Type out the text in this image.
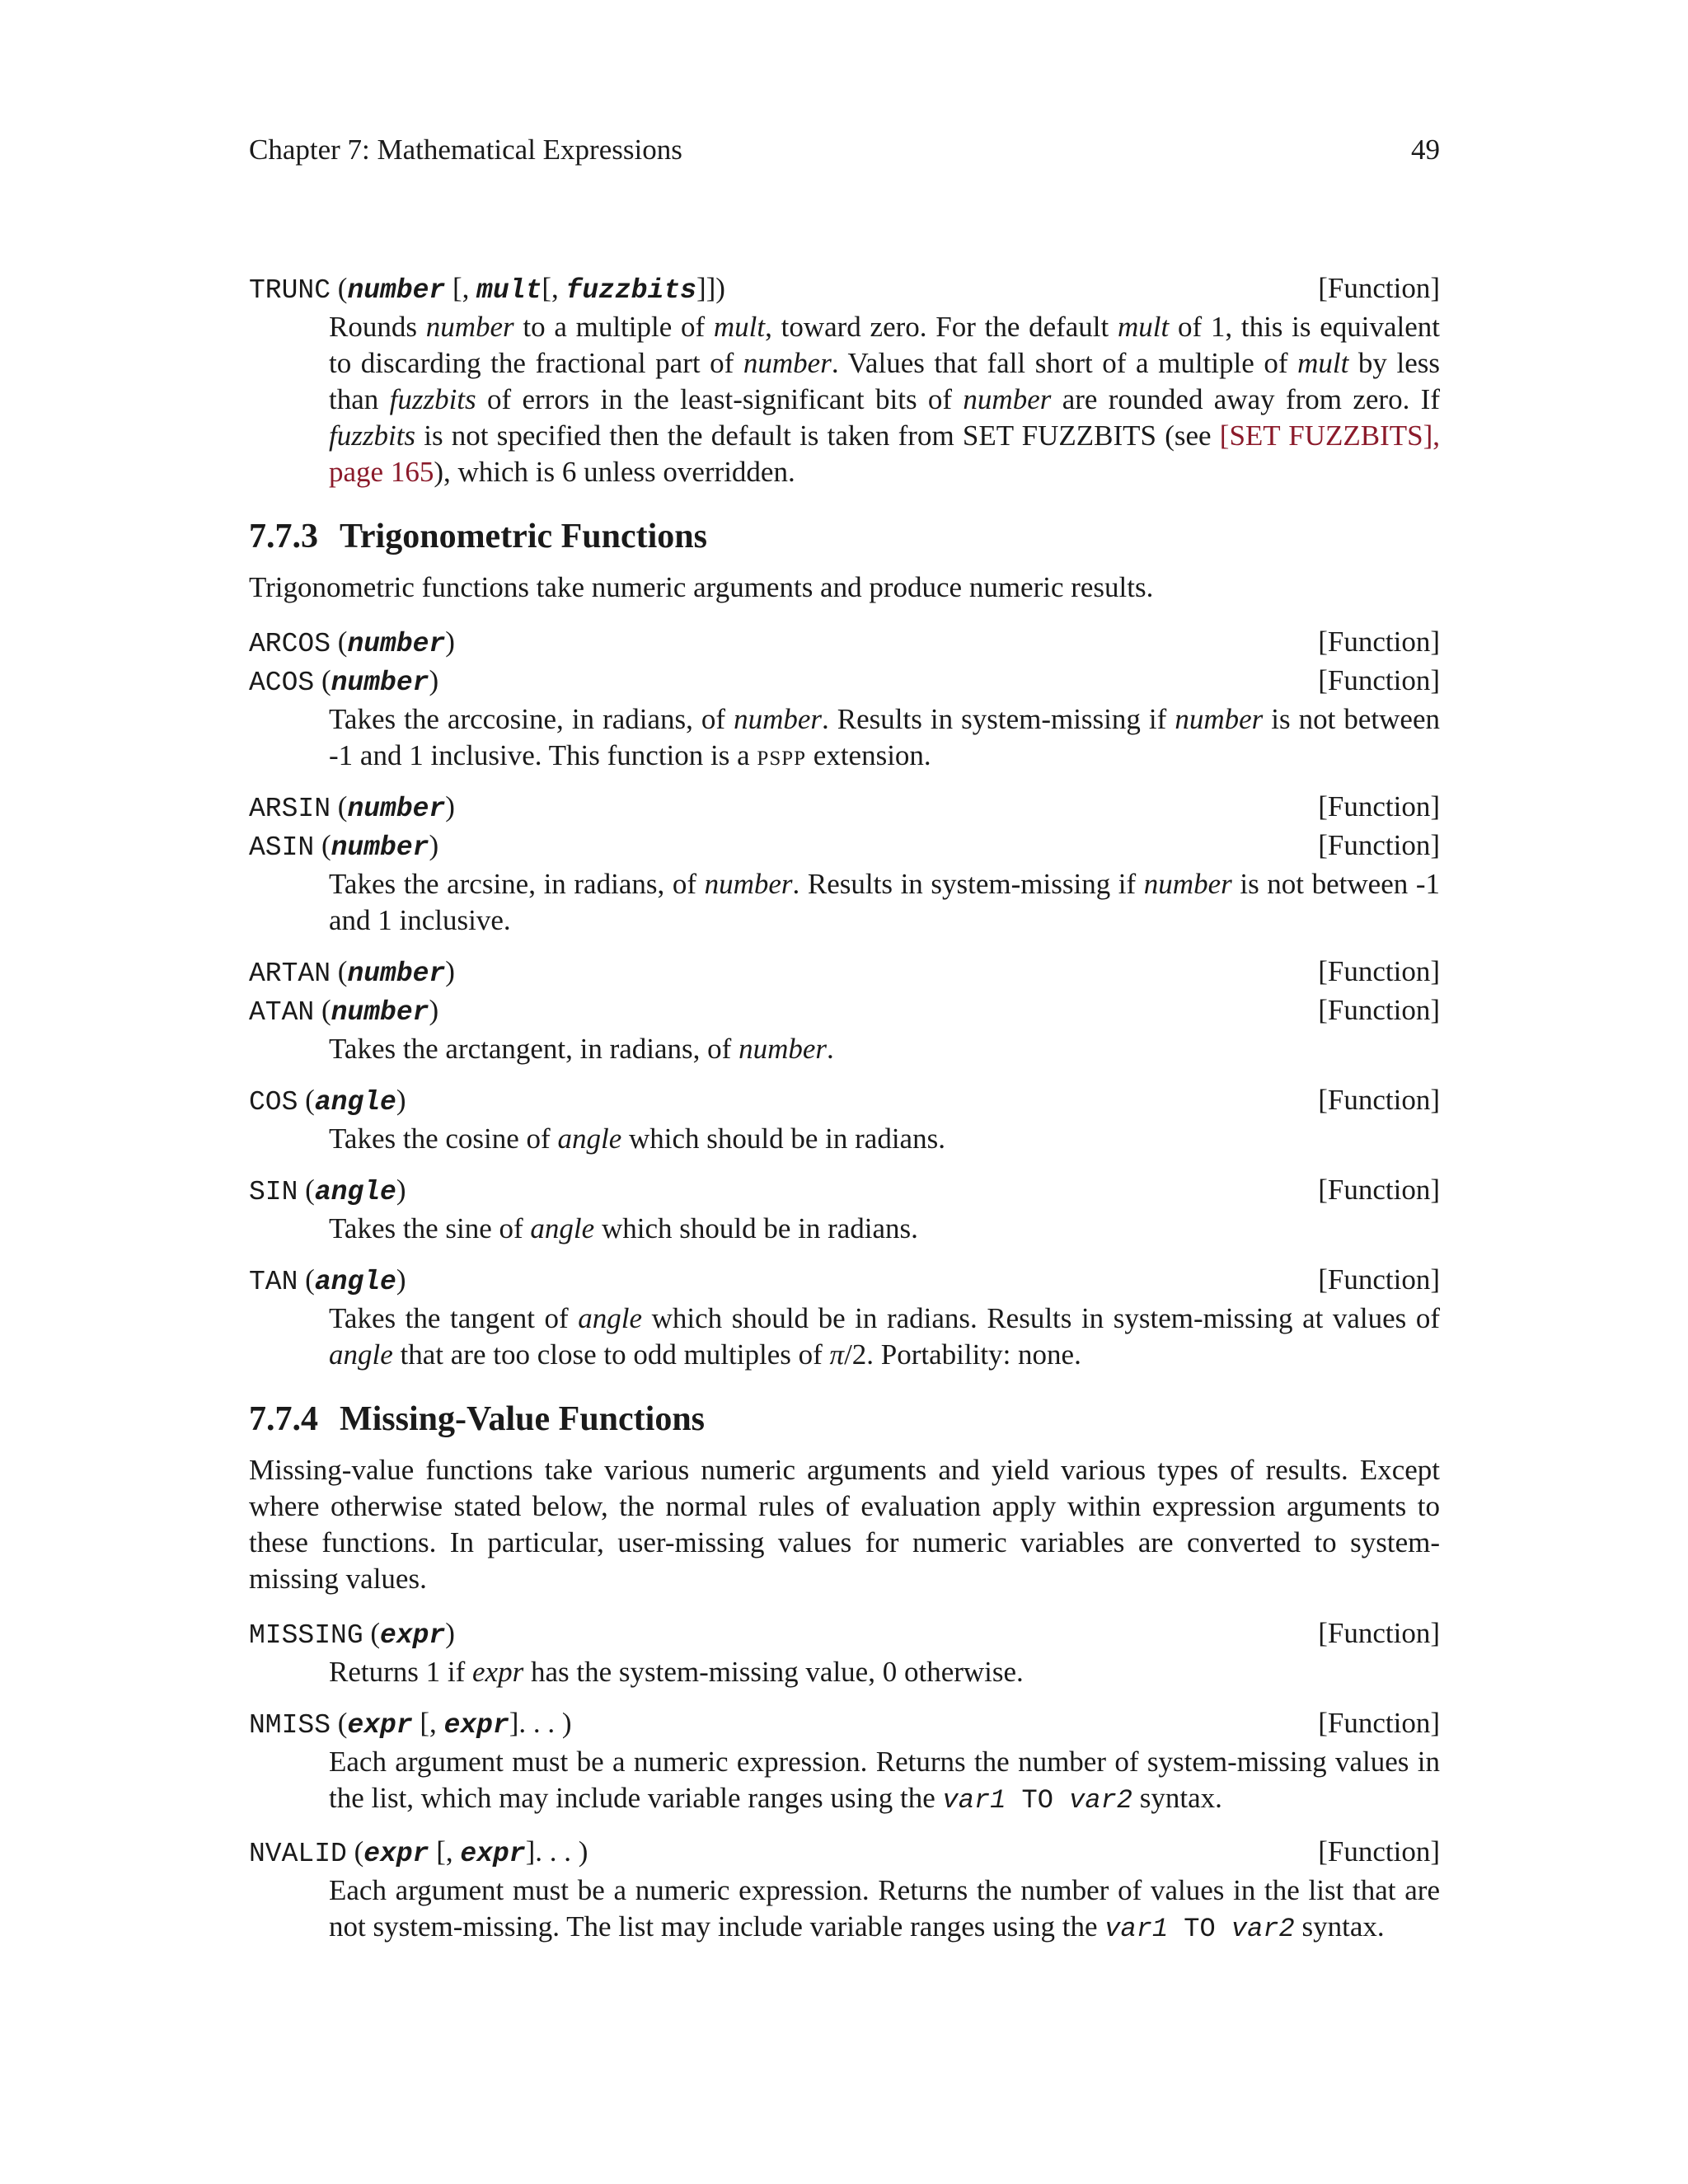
Chapter 7: Mathematical Expressions	49
TRUNC (number [, mult[, fuzzbits]])	[Function]
Rounds number to a multiple of mult, toward zero. For the default mult of 1, this is equivalent to discarding the fractional part of number. Values that fall short of a multiple of mult by less than fuzzbits of errors in the least-significant bits of number are rounded away from zero. If fuzzbits is not specified then the default is taken from SET FUZZBITS (see [SET FUZZBITS], page 165), which is 6 unless overridden.
7.7.3 Trigonometric Functions

Trigonometric functions take numeric arguments and produce numeric results.

ARCOS (number)	[Function]
ACOS (number)	[Function]
Takes the arccosine, in radians, of number. Results in system-missing if number is not between -1 and 1 inclusive. This function is a pspp extension.
ARSIN (number)	[Function]
ASIN (number)	[Function]
Takes the arcsine, in radians, of number. Results in system-missing if number is not between -1 and 1 inclusive.
ARTAN (number)	[Function]
ATAN (number)	[Function]
Takes the arctangent, in radians, of number.
COS (angle)	[Function]
Takes the cosine of angle which should be in radians.
SIN (angle)	[Function]
Takes the sine of angle which should be in radians.
TAN (angle)	[Function]
Takes the tangent of angle which should be in radians. Results in system-missing at values of angle that are too close to odd multiples of π/2. Portability: none.
7.7.4 Missing-Value Functions

Missing-value functions take various numeric arguments and yield various types of results. Except where otherwise stated below, the normal rules of evaluation apply within expression arguments to these functions. In particular, user-missing values for numeric variables are converted to system-missing values.

MISSING (expr)	[Function]
Returns 1 if expr has the system-missing value, 0 otherwise.
NMISS (expr [, expr]. . . )	[Function]
Each argument must be a numeric expression. Returns the number of system-missing values in the list, which may include variable ranges using the var1 TO var2 syntax.
NVALID (expr [, expr]. . . )	[Function]
Each argument must be a numeric expression. Returns the number of values in the list that are not system-missing. The list may include variable ranges using the var1 TO var2 syntax.
